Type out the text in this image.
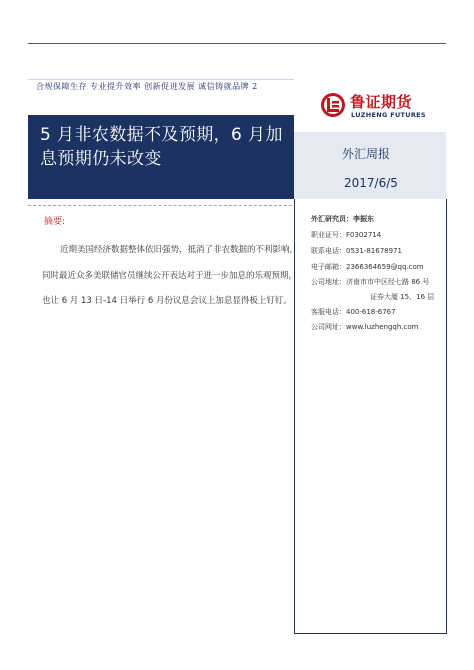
合规保障生存 专业提升效率 创新促进发展 诚信铸就品牌 2
5 月非农数据不及预期，6 月加息预期仍未改变
鲁证期货
LUZHENG FUTURES
外汇周报
2017/6/5
摘要:
近期美国经济数据整体依旧强势，抵消了非农数据的不利影响，
同时最近众多美联储官员继续公开表达对于进一步加息的乐观预期，
也让 6 月 13 日-14 日举行 6 月份议息会议上加息显得板上钉钉。
外汇研究员：李振东
职业证号：F0302714
联系电话：0531-81678971
电子邮箱：2366364659@qq.com
公司地址：济南市市中区经七路 86 号
证券大厦 15、16 层
客服电话：400-618-6767
公司网址：www.luzhengqh.com
